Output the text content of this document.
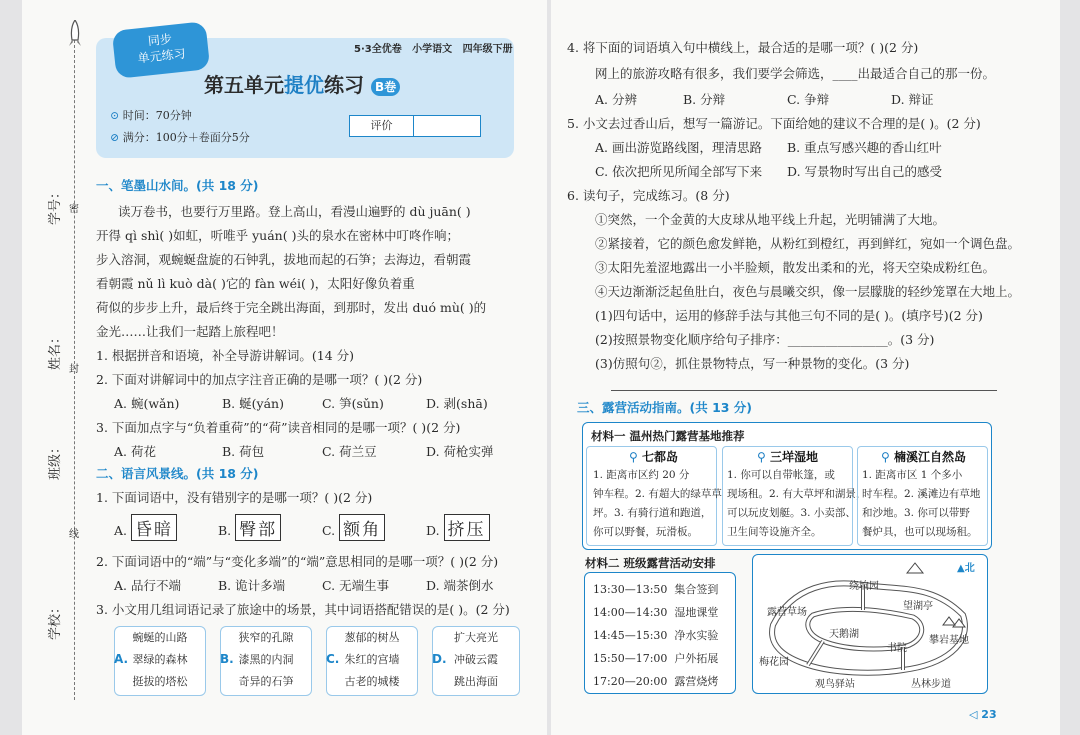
学号：
姓名：
班级：
学校：
密
封
线
同步
单元练习	5·3全优卷 小学语文 四年级下册
第五单元提优练习 B卷
⊙ 时间：70分钟
⊘ 满分：100分＋卷面分5分
评价
一、笔墨山水间。(共 18 分)
读万卷书，也要行万里路。登上高山，看漫山遍野的 dù juān( )
开得 qì shì( )如虹，听唯乎 yuán( )头的泉水在密林中叮咚作响；
步入溶洞，观蜿蜒盘旋的石钟乳，拔地而起的石笋；去海边，看朝霞
看朝霞 nǔ lì kuò dà( )它的 fàn wéi( )，太阳好像负着重
荷似的步步上升，最后终于完全跳出海面，到那时，发出 duó mù( )的
金光……让我们一起踏上旅程吧！
1. 根据拼音和语境，补全导游讲解词。(14 分)
2. 下面对讲解词中的加点字注音正确的是哪一项？( )(2 分)
A. 蜿(wǎn)	B. 蜒(yán)	C. 笋(sǔn)	D. 剥(shā)
3. 下面加点字与“负着重荷”的“荷”读音相同的是哪一项？( )(2 分)
A. 荷花	B. 荷包	C. 荷兰豆	D. 荷枪实弹
二、语言风景线。(共 18 分)
1. 下面词语中，没有错别字的是哪一项？( )(2 分)
A. 昏暗	B. 臀部	C. 额角	D. 挤压
2. 下面词语中的“端”与“变化多端”的“端”意思相同的是哪一项？( )(2 分)
A. 品行不端	B. 诡计多端	C. 无端生事	D. 端茶倒水
3. 小文用几组词语记录了旅途中的场景，其中词语搭配错误的是( )。(2 分)
蜿蜒的山路
翠绿的森林
挺拔的塔松
A.
狭窄的孔隙
漆黑的内洞
奇异的石笋
B.
葱郁的树丛
朱红的宫墙
古老的城楼
C.
扩大亮光
冲破云霞
跳出海面
D.
4. 将下面的词语填入句中横线上，最合适的是哪一项？( )(2 分)
网上的旅游攻略有很多，我们要学会筛选，____出最适合自己的那一份。
A. 分辨	B. 分辩	C. 争辩	D. 辩证
5. 小文去过香山后，想写一篇游记。下面给她的建议不合理的是( )。(2 分)
A. 画出游览路线图，理清思路 B. 重点写感兴趣的香山红叶
C. 依次把所见所闻全部写下来 D. 写景物时写出自己的感受
6. 读句子，完成练习。(8 分)
①突然，一个金黄的大皮球从地平线上升起，光明铺满了大地。
②紧接着，它的颜色愈发鲜艳，从粉红到橙红，再到鲜红，宛如一个调色盘。
③太阳先羞涩地露出一小半脸颊，散发出柔和的光，将天空染成粉红色。
④天边渐渐泛起鱼肚白，夜色与晨曦交织，像一层朦胧的轻纱笼罩在大地上。
(1)四句话中，运用的修辞手法与其他三句不同的是( )。(填序号)(2 分)
(2)按照景物变化顺序给句子排序：________________。(3 分)
(3)仿照句②，抓住景物特点，写一种景物的变化。(3 分)
三、露营活动指南。(共 13 分)
材料一 温州热门露营基地推荐
⚲ 七都岛
1. 距离市区约 20 分
钟车程。2. 有超大的绿草草
坪。3. 有骑行道和跑道，
你可以野餐，玩滑板。
⚲ 三垟湿地
1. 你可以自带帐篷，或
现场租。2. 有大草坪和湖景，
可以玩皮划艇。3. 小卖部、
卫生间等设施齐全。
⚲ 楠溪江自然岛
1. 距离市区 1 个多小
时车程。2. 溪滩边有草地
和沙地。3. 你可以带野
餐炉具，也可以现场租。
材料二 班级露营活动安排
◁ 23
13:30—13:50 集合签到
14:00—14:30 湿地课堂
14:45—15:30 净水实验
15:50—17:00 户外拓展
17:20—20:00 露营烧烤
▲北
绕垧园
露营草场
望湖亭
天鹅湖
书院
攀岩基地
梅花园
观鸟驿站	丛林步道
